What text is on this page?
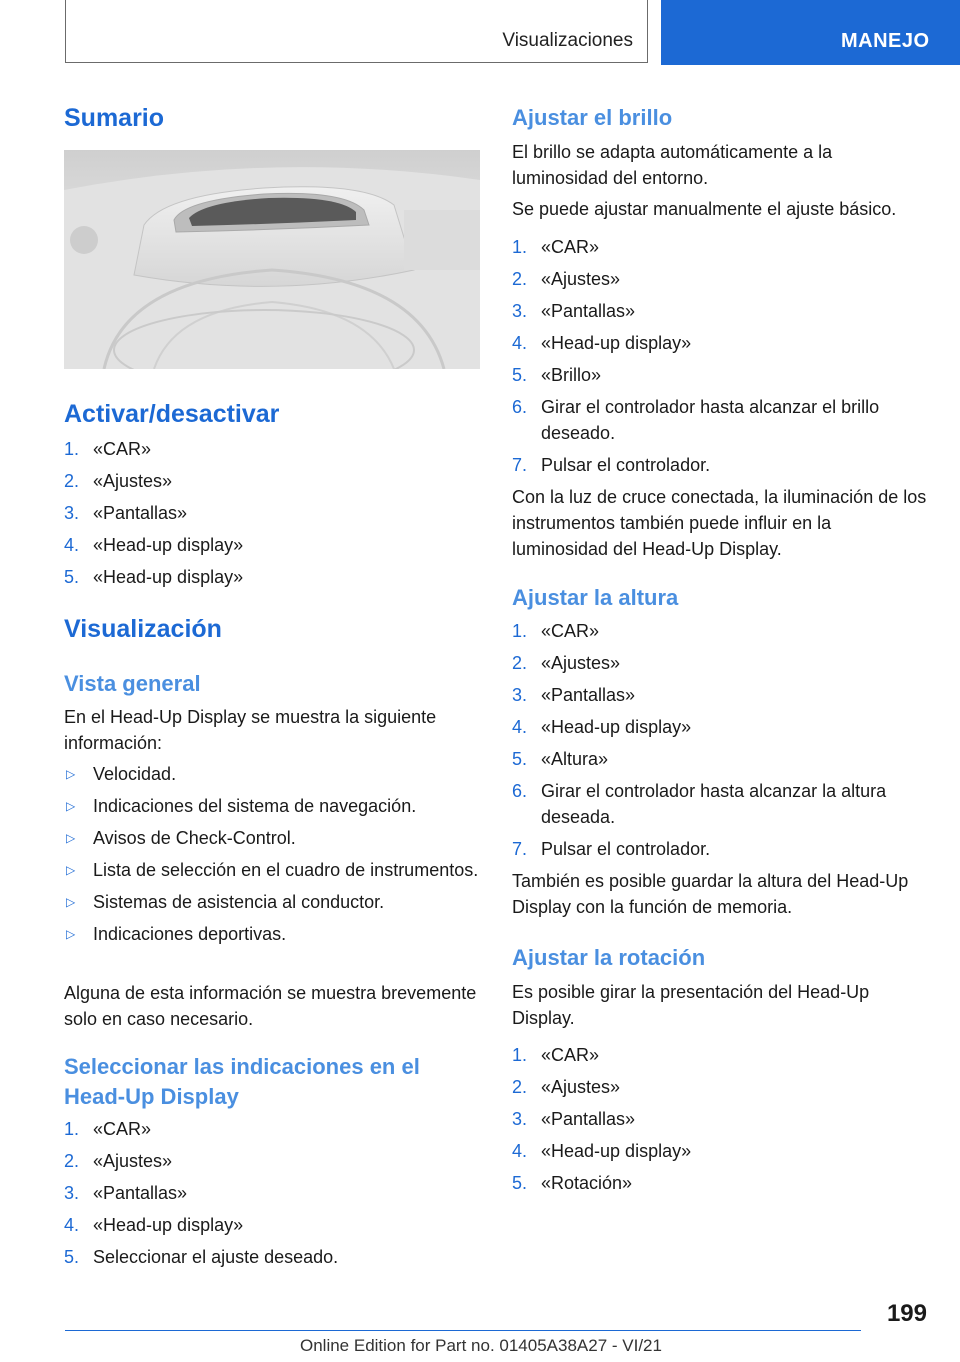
Visualizaciones	MANEJO
Sumario
Activar/desactivar
1. «CAR»
2. «Ajustes»
3. «Pantallas»
4. «Head-up display»
5. «Head-up display»
Visualización
Vista general

En el Head-Up Display se muestra la siguiente información:

▷ Velocidad.
▷ Indicaciones del sistema de navegación.
▷ Avisos de Check-Control.
▷ Lista de selección en el cuadro de instrumentos.
▷ Sistemas de asistencia al conductor.
▷ Indicaciones deportivas.

Alguna de esta información se muestra brevemente solo en caso necesario.

Seleccionar las indicaciones en el Head-Up Display
1. «CAR»
2. «Ajustes»
3. «Pantallas»
4. «Head-up display»
5. Seleccionar el ajuste deseado.
Ajustar el brillo

El brillo se adapta automáticamente a la luminosidad del entorno.

Se puede ajustar manualmente el ajuste básico.

1. «CAR»
2. «Ajustes»
3. «Pantallas»
4. «Head-up display»
5. «Brillo»
6. Girar el controlador hasta alcanzar el brillo deseado.
7. Pulsar el controlador.

Con la luz de cruce conectada, la iluminación de los instrumentos también puede influir en la luminosidad del Head-Up Display.

Ajustar la altura
1. «CAR»
2. «Ajustes»
3. «Pantallas»
4. «Head-up display»
5. «Altura»
6. Girar el controlador hasta alcanzar la altura deseada.
7. Pulsar el controlador.

También es posible guardar la altura del Head-Up Display con la función de memoria.

Ajustar la rotación

Es posible girar la presentación del Head-Up Display.

1. «CAR»
2. «Ajustes»
3. «Pantallas»
4. «Head-up display»
5. «Rotación»
199
Online Edition for Part no. 01405A38A27 - VI/21
